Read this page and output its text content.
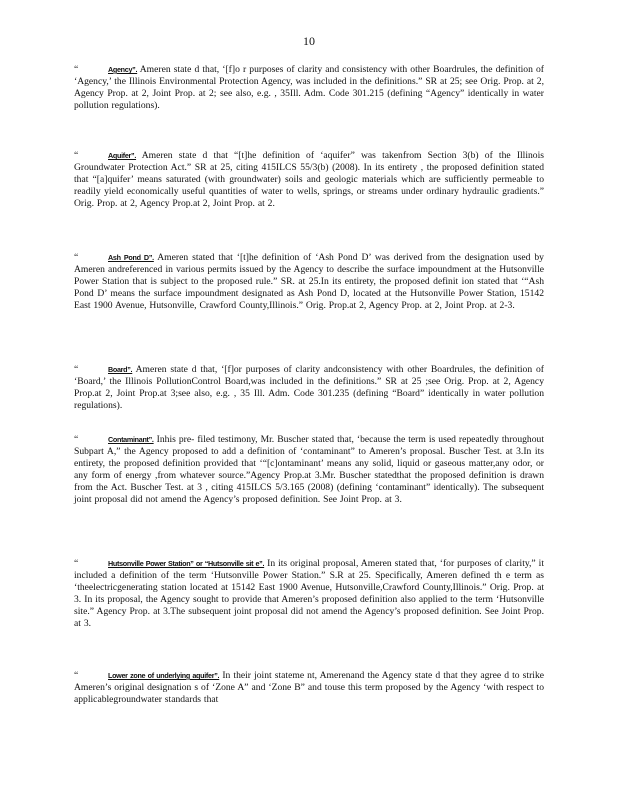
10

“	Agency”. Ameren state d that, ‘[f]o r purposes of clarity and consistency with other Boardrules, the definition of ‘Agency,’ the Illinois Environmental Protection Agency, was included in the definitions.” SR at 25; see Orig. Prop. at 2, Agency Prop. at 2, Joint Prop. at 2; see also, e.g. , 35Ill. Adm. Code 301.215 (defining “Agency” identically in water pollution regulations).

“	Aquifer”. Ameren state d that “[t]he definition of ‘aquifer” was takenfrom Section 3(b) of the Illinois Groundwater Protection Act.” SR at 25, citing 415ILCS 55/3(b) (2008). In its entirety , the proposed definition stated that “[a]quifer’ means saturated (with groundwater) soils and geologic materials which are sufficiently permeable to readily yield economically useful quantities of water to wells, springs, or streams under ordinary hydraulic gradients.” Orig. Prop. at 2, Agency Prop.at 2, Joint Prop. at 2.

“	Ash Pond D”. Ameren stated that ‘[t]he definition of ‘Ash Pond D’ was derived from the designation used by Ameren andreferenced in various permits issued by the Agency to describe the surface impoundment at the Hutsonville Power Station that is subject to the proposed rule.” SR. at 25.In its entirety, the proposed definit ion stated that ‘“Ash Pond D’ means the surface impoundment designated as Ash Pond D, located at the Hutsonville Power Station, 15142 East 1900 Avenue, Hutsonville, Crawford County,Illinois.” Orig. Prop.at 2, Agency Prop. at 2, Joint Prop. at 2-3.

“	Board”. Ameren state d that, ‘[f]or purposes of clarity andconsistency with other Boardrules, the definition of ‘Board,’ the Illinois PollutionControl Board,was included in the definitions.” SR at 25 ;see Orig. Prop. at 2, Agency Prop.at 2, Joint Prop.at 3;see also, e.g. , 35 Ill. Adm. Code 301.235 (defining “Board” identically in water pollution regulations).

“	Contaminant”. Inhis pre- filed testimony, Mr. Buscher stated that, ‘because the term is used repeatedly throughout Subpart A,” the Agency proposed to add a definition of ‘contaminant” to Ameren’s proposal. Buscher Test. at 3.In its entirety, the proposed definition provided that ‘“[c]ontaminant’ means any solid, liquid or gaseous matter,any odor, or any form of energy ,from whatever source.”Agency Prop.at 3.Mr. Buscher statedthat the proposed definition is drawn from the Act. Buscher Test. at 3 , citing 415ILCS 5/3.165 (2008) (defining ‘contaminant” identically). The subsequent joint proposal did not amend the Agency’s proposed definition. See Joint Prop. at 3.

“	Hutsonville Power Station” or “Hutsonville sit e”. In its original proposal, Ameren stated that, ‘for purposes of clarity,” it included a definition of the term ‘Hutsonville Power Station.” S.R at 25. Specifically, Ameren defined th e term as ‘theelectricgenerating station located at 15142 East 1900 Avenue, Hutsonville,Crawford County,Illinois.” Orig. Prop. at 3. In its proposal, the Agency sought to provide that Ameren’s proposed definition also applied to the term ‘Hutsonville site.” Agency Prop. at 3.The subsequent joint proposal did not amend the Agency’s proposed definition. See Joint Prop. at 3.

“	Lower zone of underlying aquifer”. In their joint stateme nt, Amerenand the Agency state d that they agree d to strike Ameren’s original designation s of ‘Zone A” and ‘Zone B” and touse this term proposed by the Agency ‘with respect to applicablegroundwater standards that
